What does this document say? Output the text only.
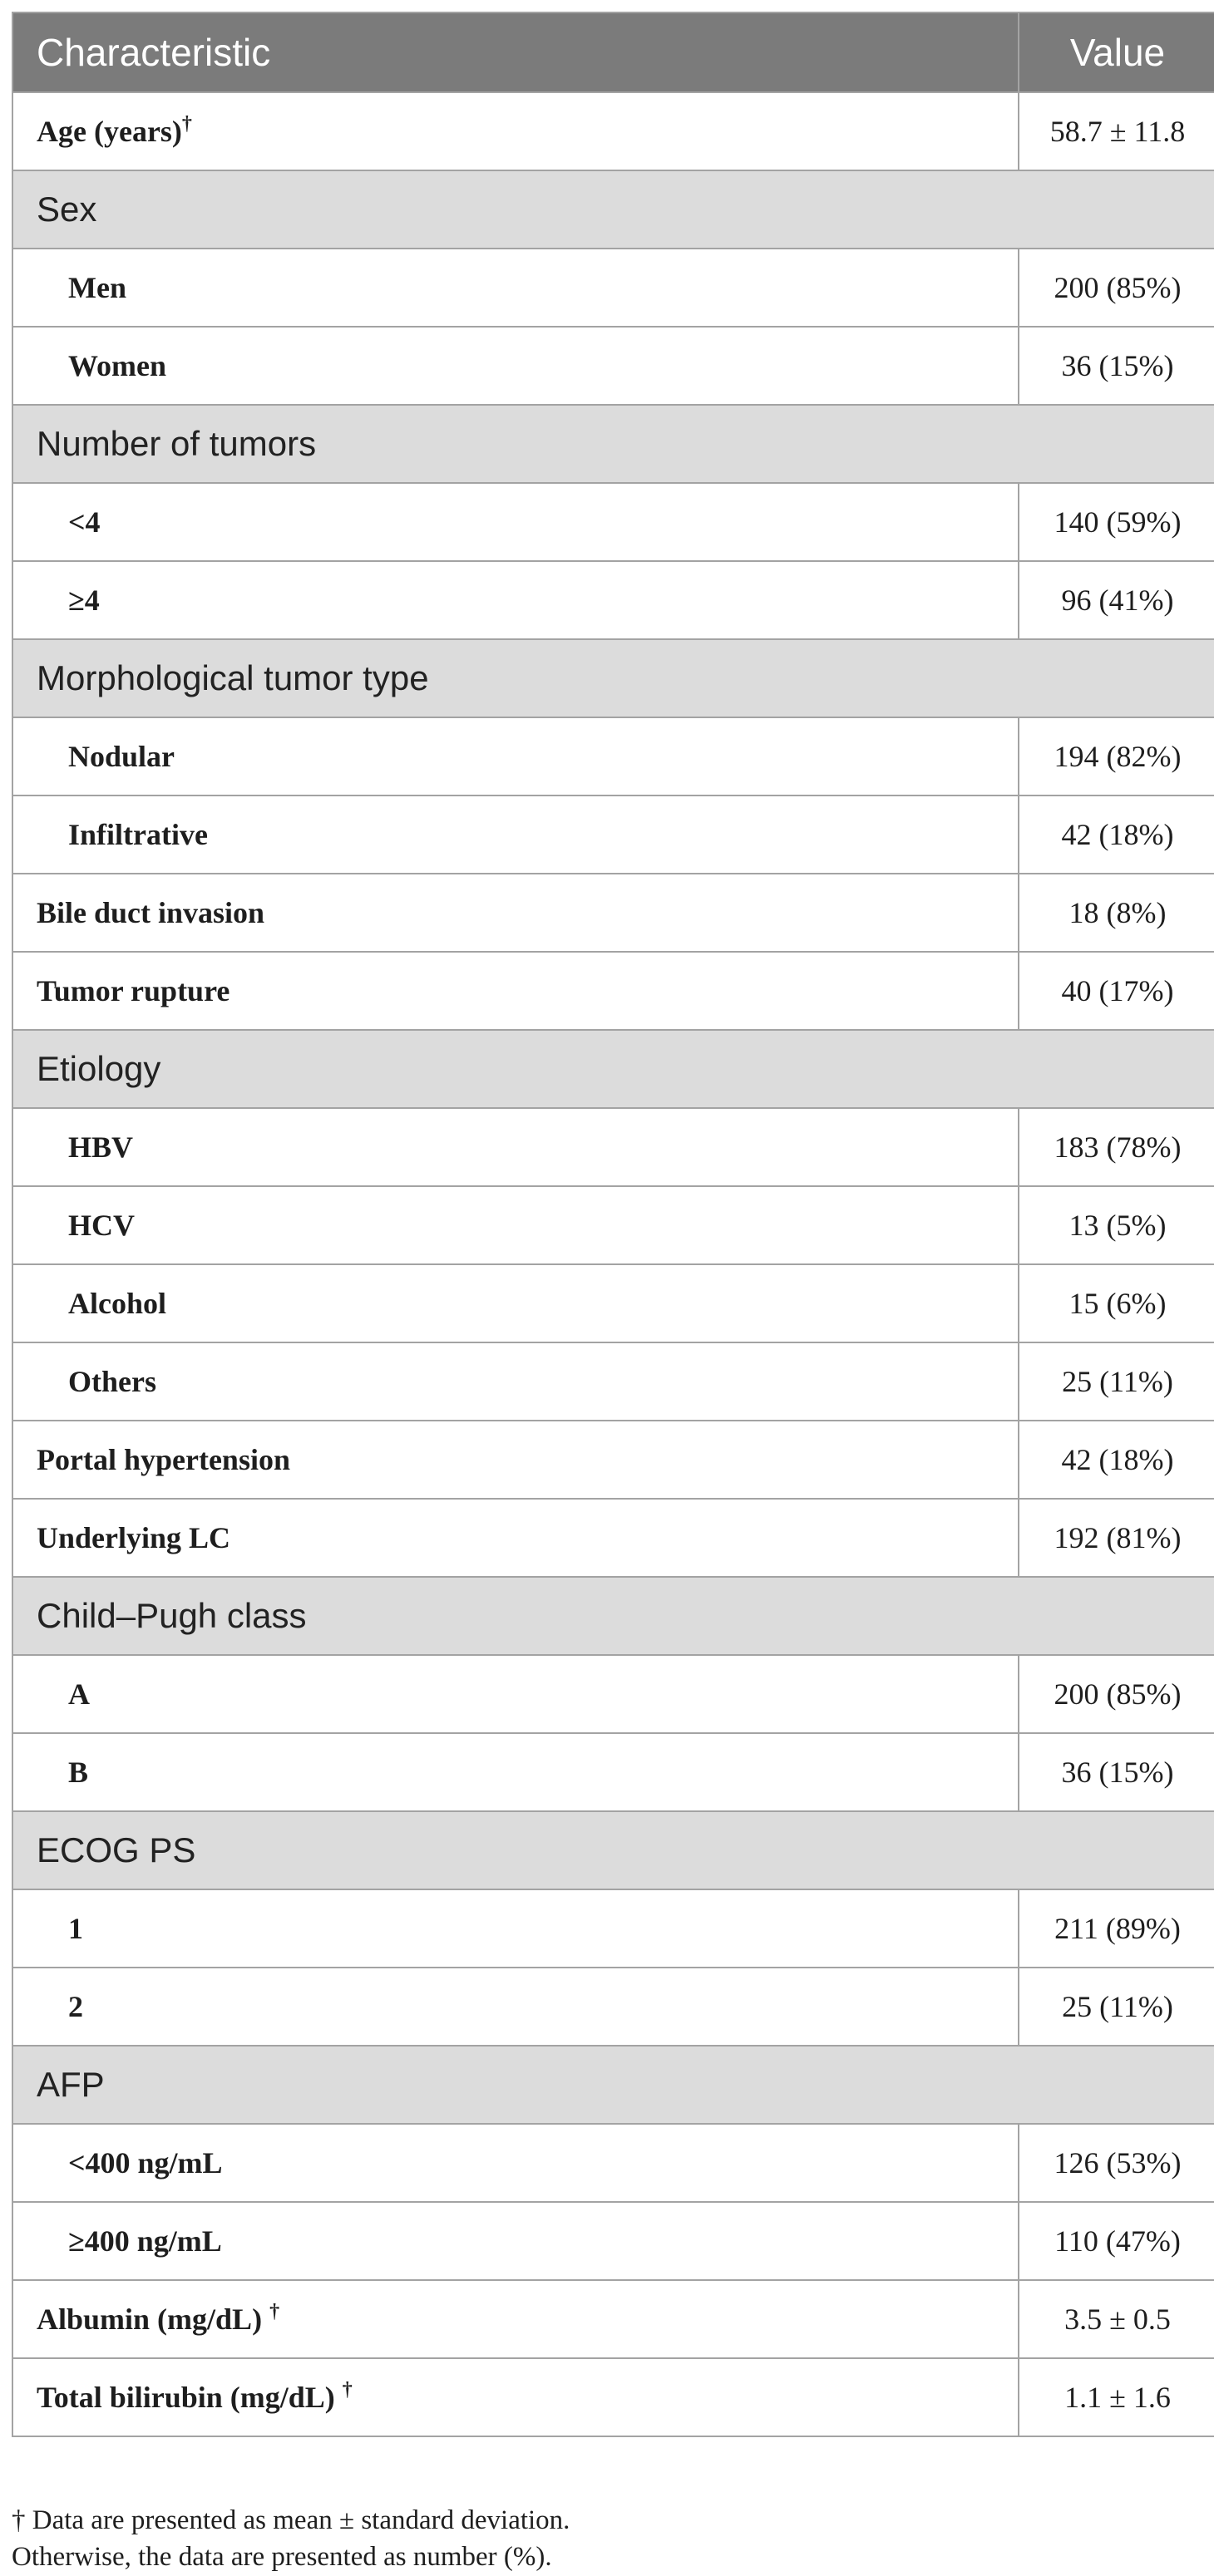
Characteristic	Value
Age (years)†	58.7 ± 11.8
Sex	
Men	200 (85%)
Women	36 (15%)
Number of tumors	
<4	140 (59%)
≥4	96 (41%)
Morphological tumor type	
Nodular	194 (82%)
Infiltrative	42 (18%)
Bile duct invasion	18 (8%)
Tumor rupture	40 (17%)
Etiology	
HBV	183 (78%)
HCV	13 (5%)
Alcohol	15 (6%)
Others	25 (11%)
Portal hypertension	42 (18%)
Underlying LC	192 (81%)
Child–Pugh class	
A	200 (85%)
B	36 (15%)
ECOG PS	
1	211 (89%)
2	25 (11%)
AFP	
<400 ng/mL	126 (53%)
≥400 ng/mL	110 (47%)
Albumin (mg/dL) †	3.5 ± 0.5
Total bilirubin (mg/dL) †	1.1 ± 1.6
† Data are presented as mean ± standard deviation.
Otherwise, the data are presented as number (%).
